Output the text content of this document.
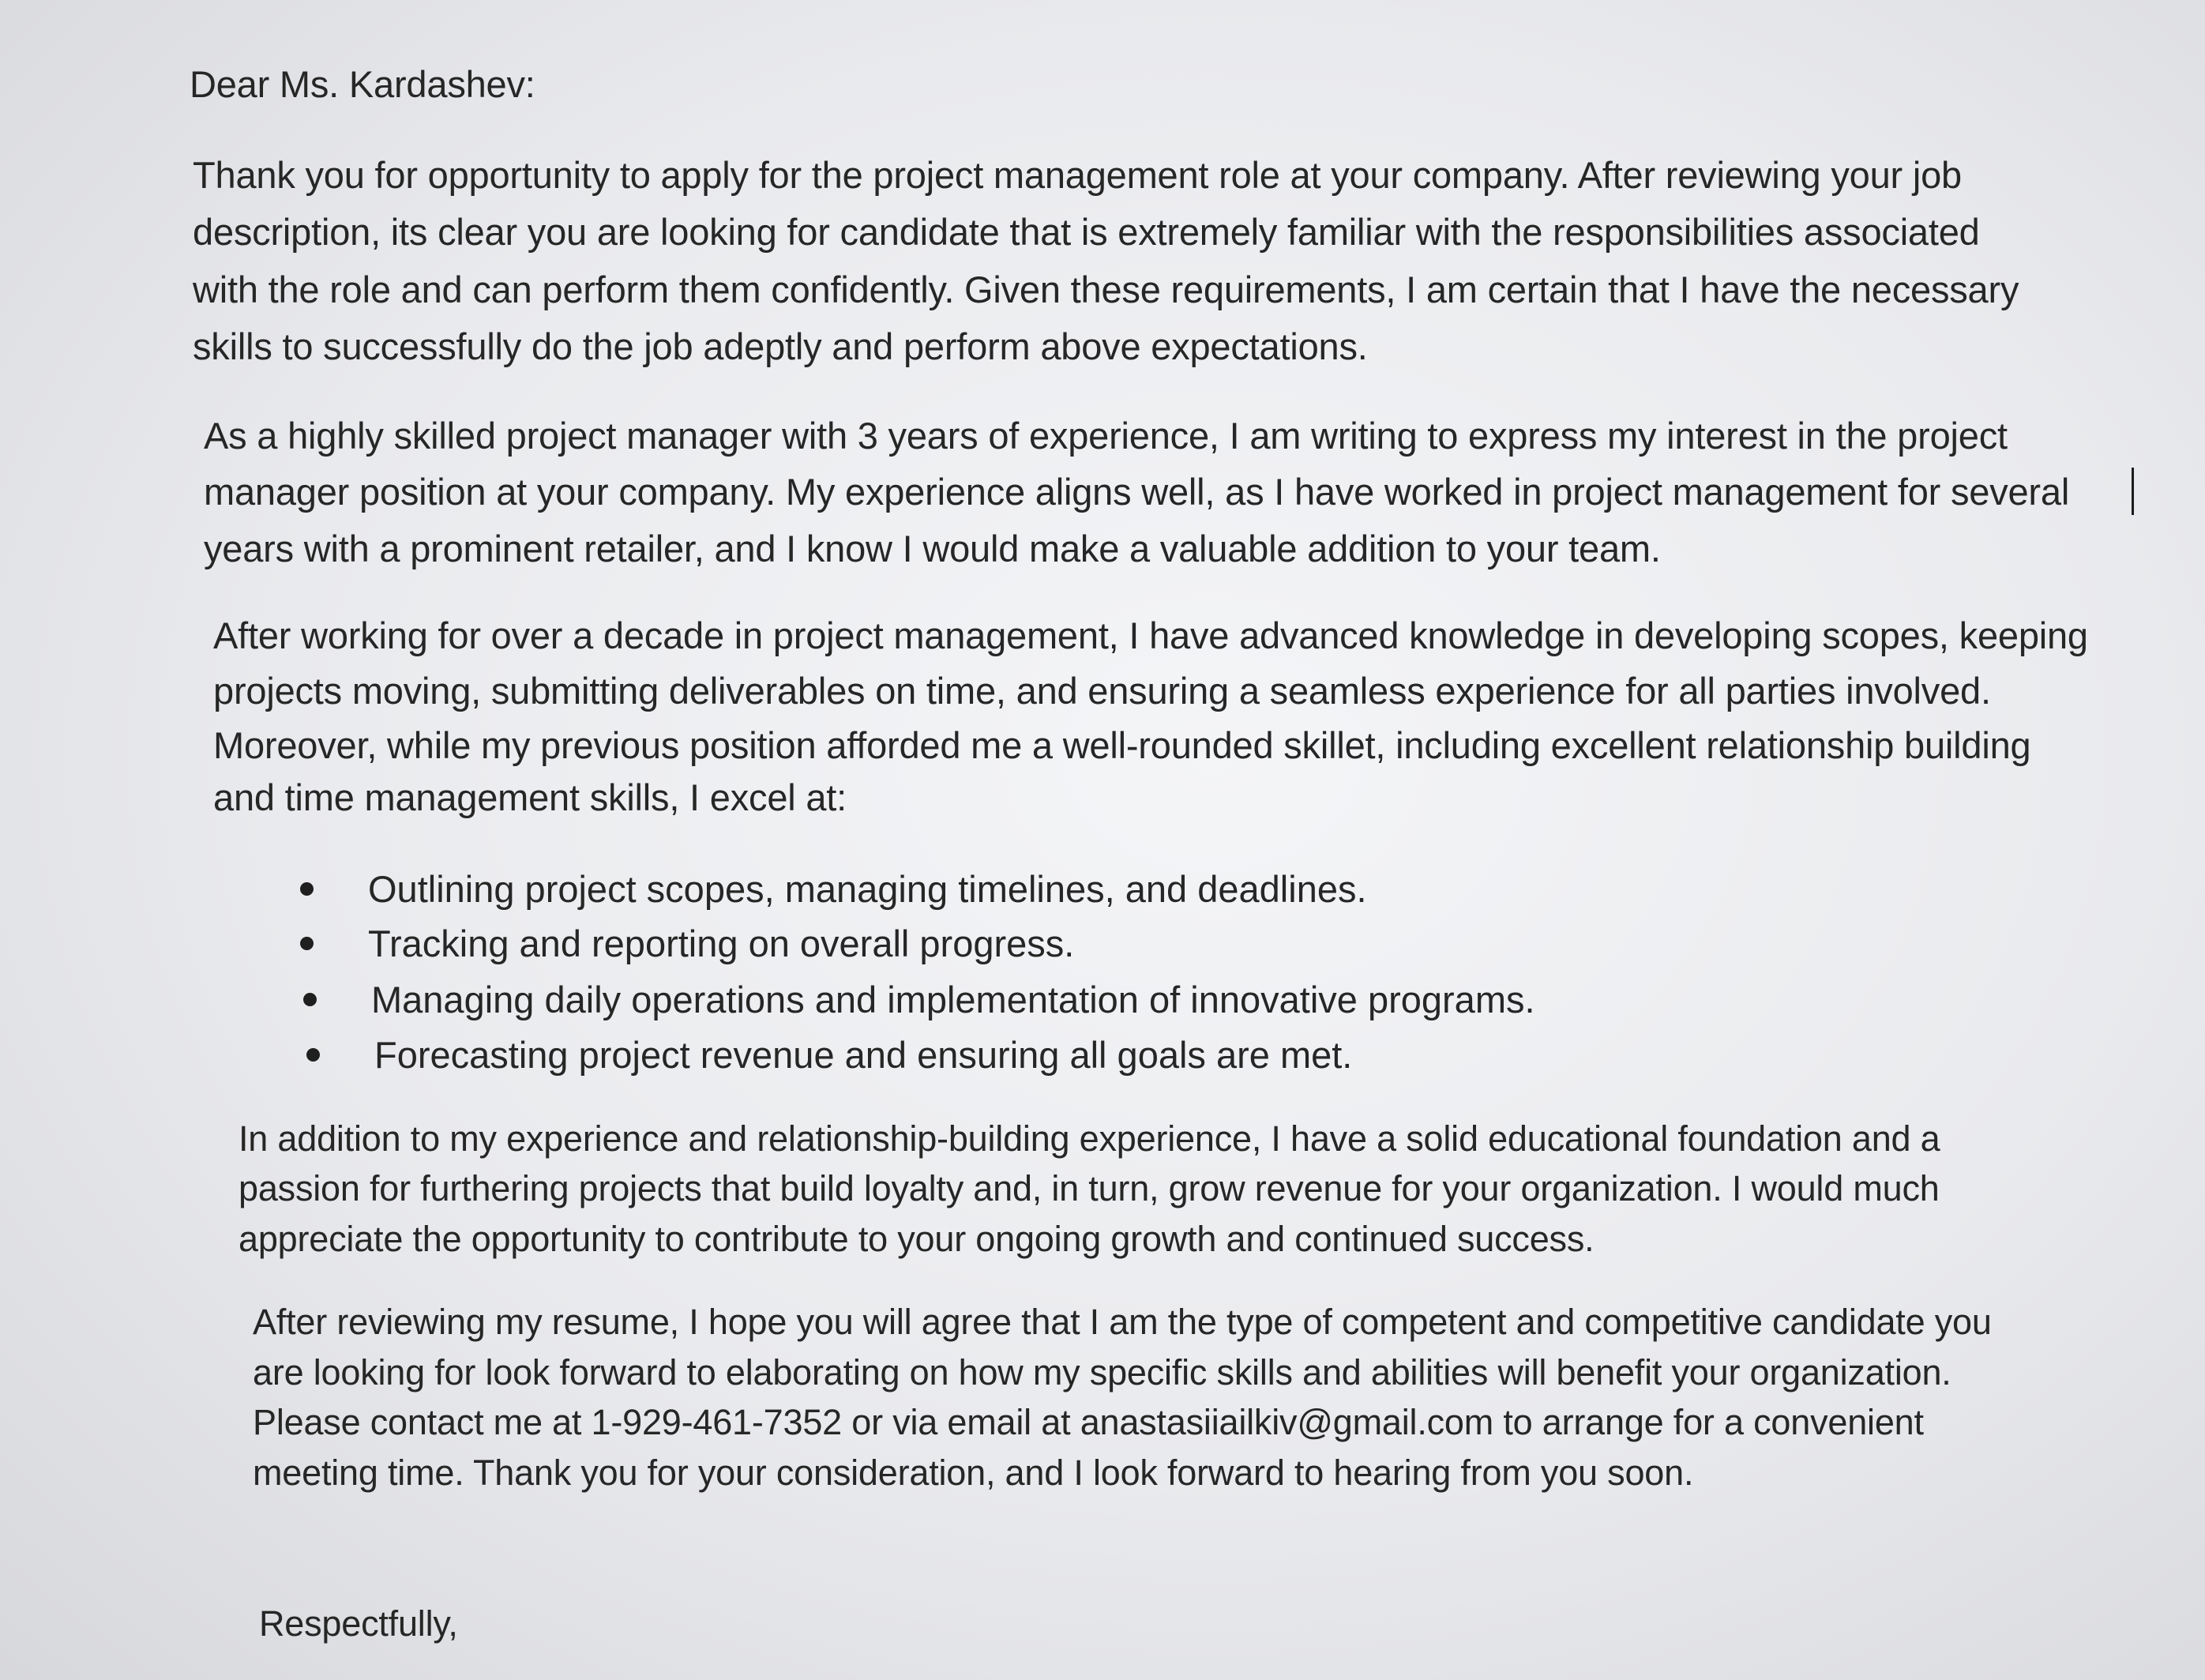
Dear Ms. Kardashev:
Thank you for opportunity to apply for the project management role at your company. After reviewing your job
description, its clear you are looking for candidate that is extremely familiar with the responsibilities associated
with the role and can perform them confidently. Given these requirements, I am certain that I have the necessary
skills to successfully do the job adeptly and perform above expectations.
As a highly skilled project manager with 3 years of experience, I am writing to express my interest in the project
manager position at your company. My experience aligns well, as I have worked in project management for several
years with a prominent retailer, and I know I would make a valuable addition to your team.
After working for over a decade in project management, I have advanced knowledge in developing scopes, keeping
projects moving, submitting deliverables on time, and ensuring a seamless experience for all parties involved.
Moreover, while my previous position afforded me a well-rounded skillet, including excellent relationship building
and time management skills, I excel at:
Outlining project scopes, managing timelines, and deadlines.
Tracking and reporting on overall progress.
Managing daily operations and implementation of innovative programs.
Forecasting project revenue and ensuring all goals are met.
In addition to my experience and relationship-building experience, I have a solid educational foundation and a
passion for furthering projects that build loyalty and, in turn, grow revenue for your organization. I would much
appreciate the opportunity to contribute to your ongoing growth and continued success.
After reviewing my resume, I hope you will agree that I am the type of competent and competitive candidate you
are looking for look forward to elaborating on how my specific skills and abilities will benefit your organization.
Please contact me at 1-929-461-7352 or via email at anastasiiailkiv@gmail.com to arrange for a convenient
meeting time. Thank you for your consideration, and I look forward to hearing from you soon.
Respectfully,
